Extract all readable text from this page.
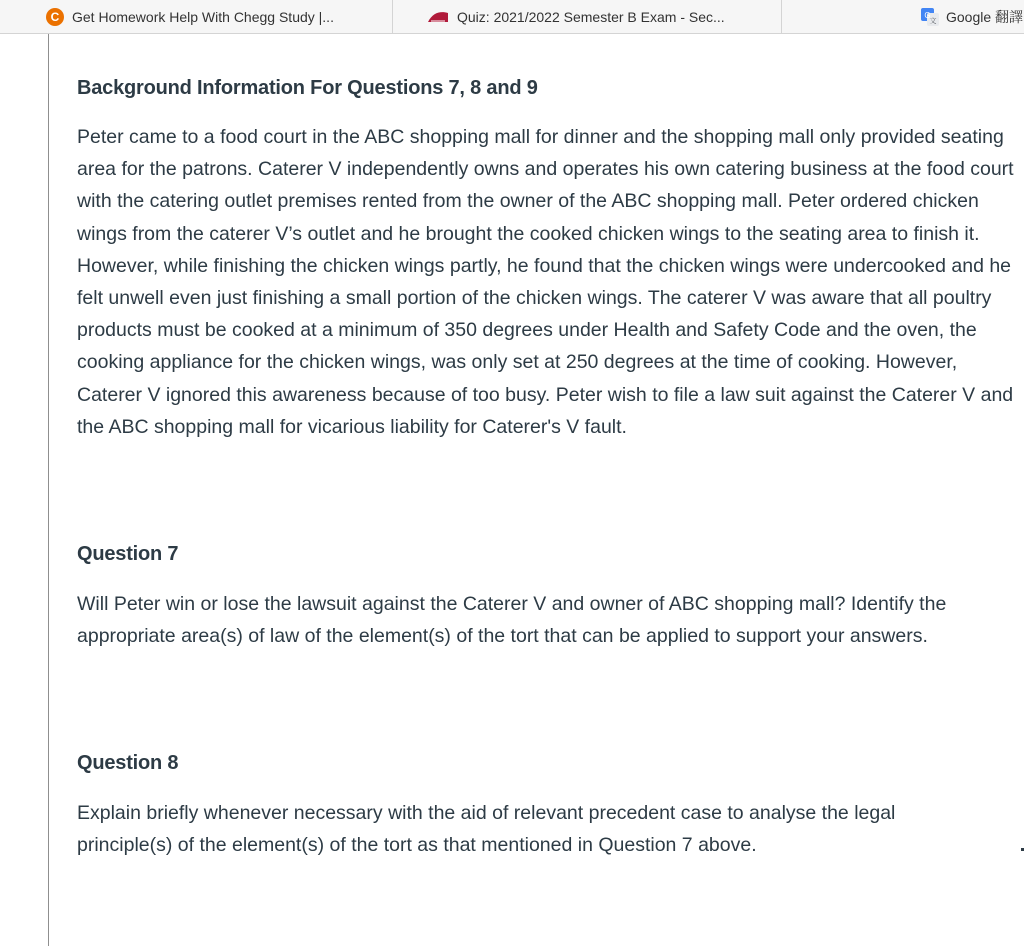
Get Homework Help With Chegg Study |...
C	Quiz: 2021/2022 Semester B Exam - Sec...	Google 翻譯
G
文
Background Information For Questions 7, 8 and 9

Peter came to a food court in the ABC shopping mall for dinner and the shopping mall only provided seating area for the patrons. Caterer V independently owns and operates his own catering business at the food court with the catering outlet premises rented from the owner of the ABC shopping mall. Peter ordered chicken wings from the caterer V’s outlet and he brought the cooked chicken wings to the seating area to finish it. However, while finishing the chicken wings partly, he found that the chicken wings were undercooked and he felt unwell even just finishing a small portion of the chicken wings. The caterer V was aware that all poultry products must be cooked at a minimum of 350 degrees under Health and Safety Code and the oven, the cooking appliance for the chicken wings, was only set at 250 degrees at the time of cooking. However, Caterer V ignored this awareness because of too busy. Peter wish to file a law suit against the Caterer V and the ABC shopping mall for vicarious liability for Caterer's V fault.

Question 7

Will Peter win or lose the lawsuit against the Caterer V and owner of ABC shopping mall? Identify the appropriate area(s) of law of the element(s) of the tort that can be applied to support your answers.

Question 8

Explain briefly whenever necessary with the aid of relevant precedent case to analyse the legal principle(s) of the element(s) of the tort as that mentioned in Question 7 above.
